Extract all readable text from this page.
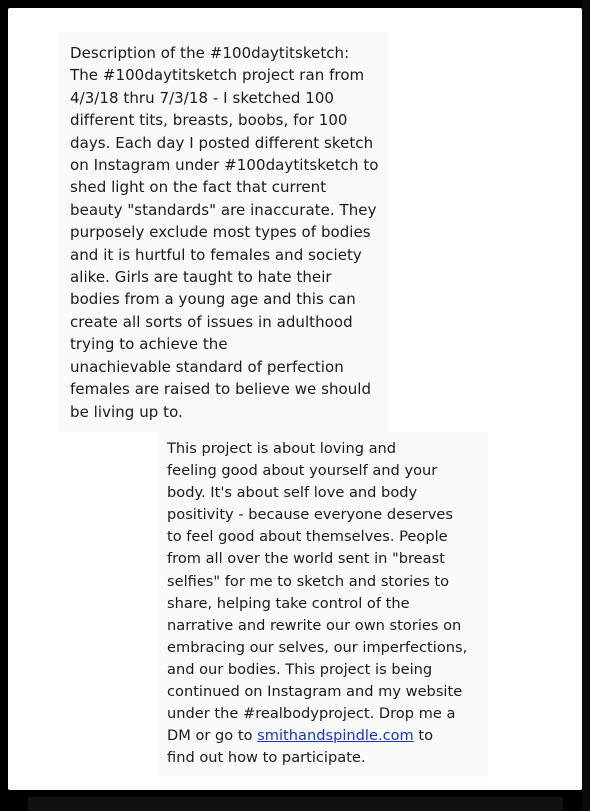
Description of the #100daytitsketch:

The #100daytitsketch project ran from

4/3/18 thru 7/3/18 - I sketched 100

different tits, breasts, boobs, for 100

days. Each day I posted different sketch

on Instagram under #100daytitsketch to

shed light on the fact that current

beauty "standards" are inaccurate. They

purposely exclude most types of bodies

and it is hurtful to females and society

alike. Girls are taught to hate their

bodies from a young age and this can

create all sorts of issues in adulthood

trying to achieve the

unachievable standard of perfection

females are raised to believe we should

be living up to.

This project is about loving and

feeling good about yourself and your

body. It's about self love and body

positivity - because everyone deserves

to feel good about themselves. People

from all over the world sent in "breast

selfies" for me to sketch and stories to

share, helping take control of the

narrative and rewrite our own stories on

embracing our selves, our imperfections,

and our bodies. This project is being

continued on Instagram and my website

under the #realbodyproject. Drop me a

DM or go to smithandspindle.com to

find out how to participate.
